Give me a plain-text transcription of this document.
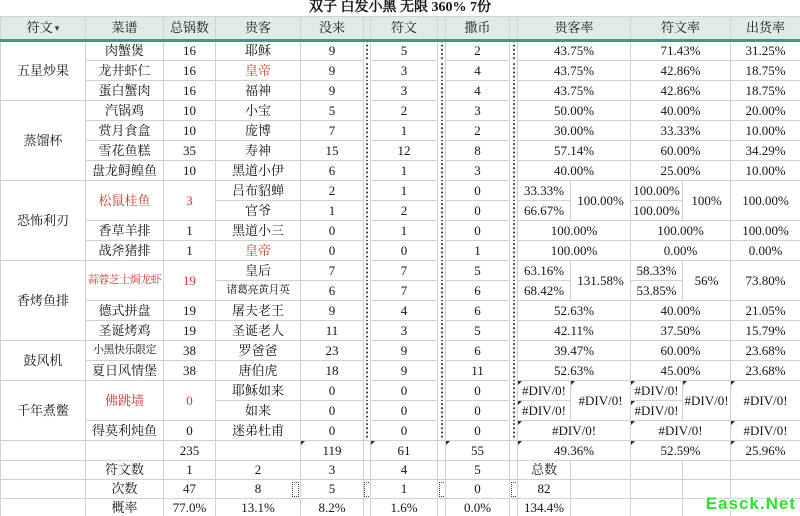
双子 白发小黑 无限 360% 7份
符文 ▾	菜谱	总锅数	贵客	没来		符文		撒币		贵客率		符文率		出货率
五星炒果	肉蟹煲	16	耶稣	9		5		2		43.75%		71.43%		31.25%
	龙井虾仁	16	皇帝	9		3		4		43.75%		42.86%		18.75%
	蛋白蟹肉	16	福神	9		3		4		43.75%		42.86%		18.75%
蒸馏杯	汽锅鸡	10	小宝	5		2		3		50.00%		40.00%		20.00%
	赏月食盒	10	庞博	7		1		2		30.00%		33.33%		10.00%
	雪花鱼糕	35	寿神	15		12		8		57.14%		60.00%		34.29%
	盘龙鲟鳇鱼	10	黑道小伊	6		1		3		40.00%		25.00%		10.00%
恐怖利刃	松鼠桂鱼	3	吕布貂蝉	2		1		0		33.33%	100.00%	100.00%	100%	100.00%
			官爷	1		2		0		66.67%		100.00%		
	香草羊排	1	黑道小三	0		1		0		100.00%		100.00%		100.00%
	战斧猪排	1	皇帝	0		0		1		100.00%		0.00%		0.00%
香烤鱼排	蒜蓉芝士焗龙虾	19	皇后	7		7		5		63.16%	131.58%	58.33%	56%	73.80%
			诸葛亮黄月英	6		7		6		68.42%		53.85%		
	德式拼盘	19	屠夫老王	9		4		6		52.63%		40.00%		21.05%
	圣诞烤鸡	19	圣诞老人	11		3		5		42.11%		37.50%		15.79%
鼓风机	小黑快乐限定	38	罗爸爸	23		9		6		39.47%		60.00%		23.68%
	夏日风情堡	38	唐伯虎	18		9		11		52.63%		45.00%		23.68%
千年煮鳖	佛跳墙	0	耶稣如来	0		0		0		#DIV/0!	#DIV/0!	#DIV/0!	#DIV/0!	#DIV/0!
			如来	0		0		0		#DIV/0!		#DIV/0!		
	得莫利炖鱼	0	迷弟杜甫	0		0		0		#DIV/0!		#DIV/0!		#DIV/0!
		235		119		61		55		49.36%		52.59%		25.96%
	符文数	1	2	3		4		5		总数				
	次数	47	8	5		1		0		82				
	概率	77.0%	13.1%	8.2%		1.6%		0.0%		134.4%					Easck.Net
